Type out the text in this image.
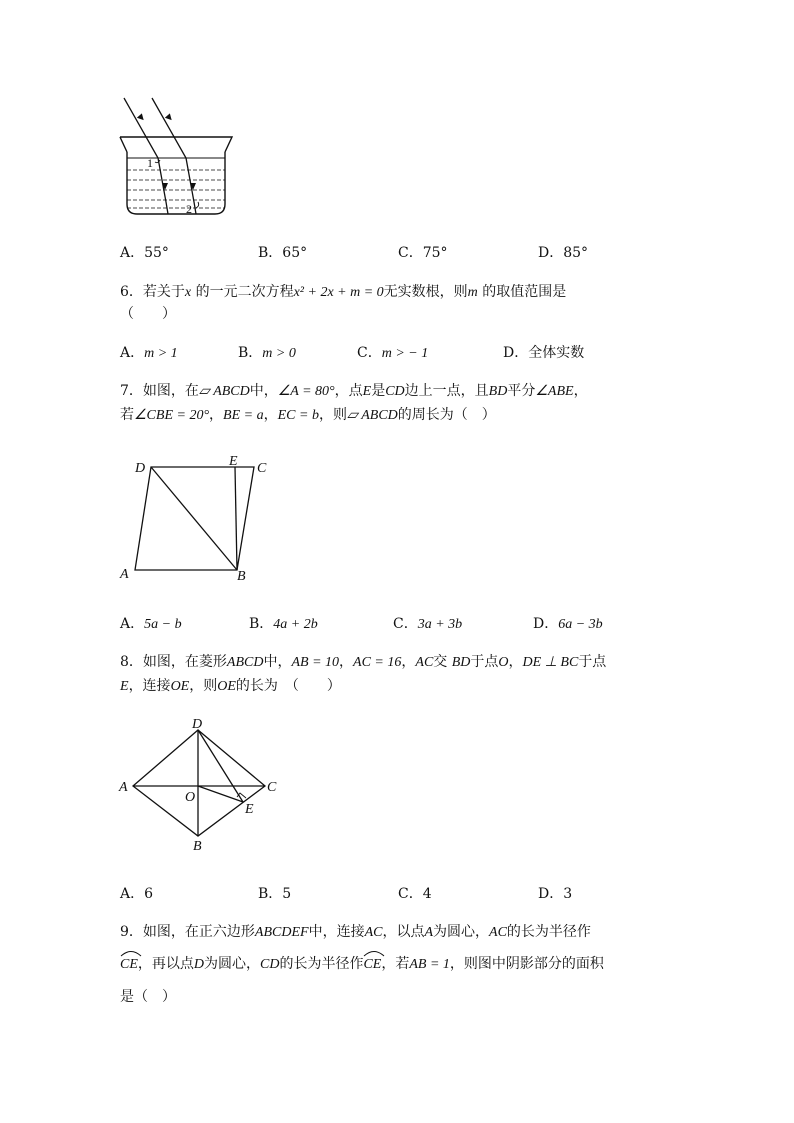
1
2
A．55°	B．65°	C．75°	D．85°
6．若关于x 的一元二次方程x² + 2x + m = 0无实数根，则m 的取值范围是
（　　）
A．m > 1	B．m > 0	C．m > − 1	D．全体实数
7．如图，在▱ ABCD中，∠A = 80°，点E是CD边上一点，且BD平分∠ABE，
若∠CBE = 20°，BE = a，EC = b，则▱ ABCD的周长为（　）
D	E C
A	B
A．5a − b	B．4a + 2b	C．3a + 3b	D．6a − 3b
8．如图，在菱形ABCD中，AB = 10，AC = 16，AC交 BD于点O，DE ⊥ BC于点
E，连接OE，则OE的长为　（　　）
D
A	C
O
E
B
A．6	B．5	C．4	D．3
9．如图，在正六边形ABCDEF中，连接AC，以点A为圆心，AC的长为半径作
CE，再以点D为圆心，CD的长为半径作
CE，若AB = 1，则图中阴影部分的面积
是（　）
